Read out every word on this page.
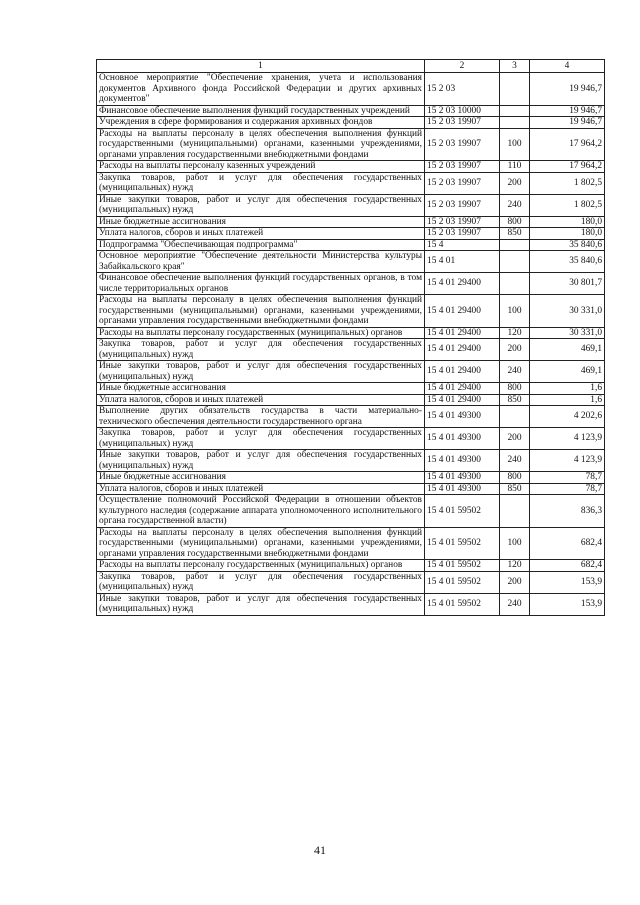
1	2	3	4
Основное мероприятие "Обеспечение хранения, учета и использования документов Архивного фонда Российской Федерации и других архивных документов"	15 2 03		19 946,7
Финансовое обеспечение выполнения функций государственных учреждений	15 2 03 10000		19 946,7
Учреждения в сфере формирования и содержания архивных фондов	15 2 03 19907		19 946,7
Расходы на выплаты персоналу в целях обеспечения выполнения функций государственными (муниципальными) органами, казенными учреждениями, органами управления государственными внебюджетными фондами	15 2 03 19907	100	17 964,2
Расходы на выплаты персоналу казенных учреждений	15 2 03 19907	110	17 964,2
Закупка товаров, работ и услуг для обеспечения государственных (муниципальных) нужд	15 2 03 19907	200	1 802,5
Иные закупки товаров, работ и услуг для обеспечения государственных (муниципальных) нужд	15 2 03 19907	240	1 802,5
Иные бюджетные ассигнования	15 2 03 19907	800	180,0
Уплата налогов, сборов и иных платежей	15 2 03 19907	850	180,0
Подпрограмма "Обеспечивающая подпрограмма"	15 4		35 840,6
Основное мероприятие "Обеспечение деятельности Министерства культуры Забайкальского края"	15 4 01		35 840,6
Финансовое обеспечение выполнения функций государственных органов, в том числе территориальных органов	15 4 01 29400		30 801,7
Расходы на выплаты персоналу в целях обеспечения выполнения функций государственными (муниципальными) органами, казенными учреждениями, органами управления государственными внебюджетными фондами	15 4 01 29400	100	30 331,0
Расходы на выплаты персоналу государственных (муниципальных) органов	15 4 01 29400	120	30 331,0
Закупка товаров, работ и услуг для обеспечения государственных (муниципальных) нужд	15 4 01 29400	200	469,1
Иные закупки товаров, работ и услуг для обеспечения государственных (муниципальных) нужд	15 4 01 29400	240	469,1
Иные бюджетные ассигнования	15 4 01 29400	800	1,6
Уплата налогов, сборов и иных платежей	15 4 01 29400	850	1,6
Выполнение других обязательств государства в части материально-технического обеспечения деятельности государственного органа	15 4 01 49300		4 202,6
Закупка товаров, работ и услуг для обеспечения государственных (муниципальных) нужд	15 4 01 49300	200	4 123,9
Иные закупки товаров, работ и услуг для обеспечения государственных (муниципальных) нужд	15 4 01 49300	240	4 123,9
Иные бюджетные ассигнования	15 4 01 49300	800	78,7
Уплата налогов, сборов и иных платежей	15 4 01 49300	850	78,7
Осуществление полномочий Российской Федерации в отношении объектов культурного наследия (содержание аппарата уполномоченного исполнительного органа государственной власти)	15 4 01 59502		836,3
Расходы на выплаты персоналу в целях обеспечения выполнения функций государственными (муниципальными) органами, казенными учреждениями, органами управления государственными внебюджетными фондами	15 4 01 59502	100	682,4
Расходы на выплаты персоналу государственных (муниципальных) органов	15 4 01 59502	120	682,4
Закупка товаров, работ и услуг для обеспечения государственных (муниципальных) нужд	15 4 01 59502	200	153,9
Иные закупки товаров, работ и услуг для обеспечения государственных (муниципальных) нужд	15 4 01 59502	240	153,9
41
